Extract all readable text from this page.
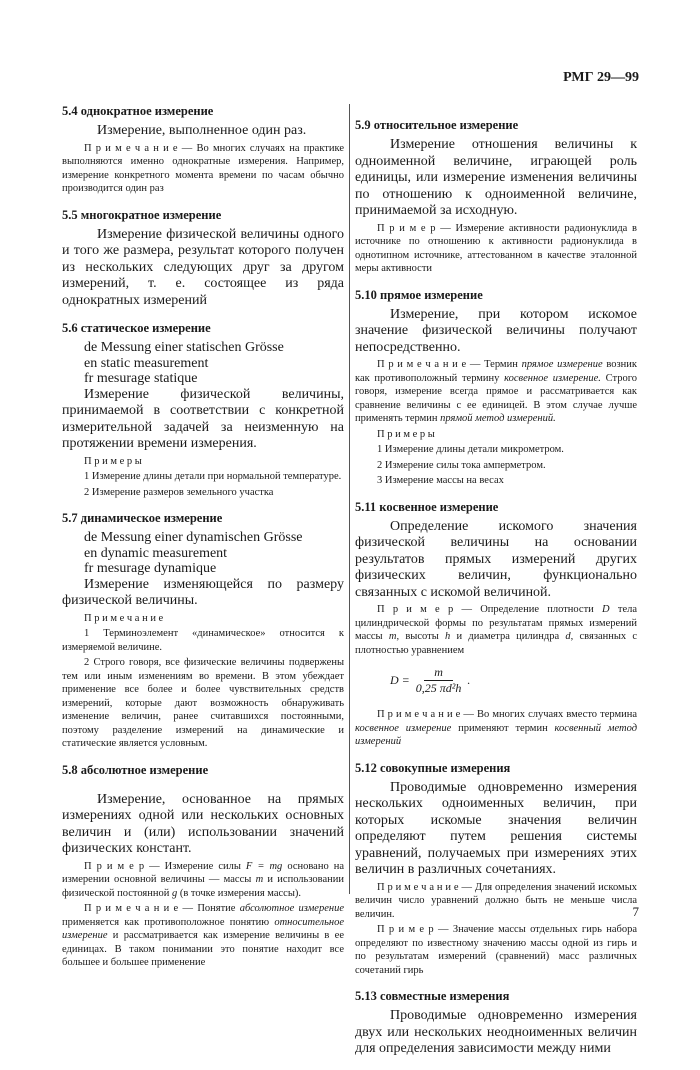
РМГ 29—99
5.4 однократное измерение

Измерение, выполненное один раз.

П р и м е ч а н и е — Во многих случаях на практике выполняются именно однократные измерения. Например, измерение конкретного момента времени по часам обычно производится один раз

5.5 многократное измерение

Измерение физической величины одного и того же размера, результат которого получен из нескольких следующих друг за другом измерений, т. е. состоящее из ряда однократных измерений

5.6 статическое измерение
de Messung einer statischen Grösse
en static measurement
fr mesurage statique

Измерение физической величины, принимаемой в соответствии с конкретной измерительной задачей за неизменную на протяжении времени измерения.

П р и м е р ы

1 Измерение длины детали при нормальной температуре.

2 Измерение размеров земельного участка

5.7 динамическое измерение
de Messung einer dynamischen Grösse
en dynamic measurement
fr mesurage dynamique

Измерение изменяющейся по размеру физической величины.

П р и м е ч а н и е

1 Терминоэлемент «динамическое» относится к измеряемой величине.

2 Строго говоря, все физические величины подвержены тем или иным изменениям во времени. В этом убеждает применение все более и более чувствительных средств измерений, которые дают возможность обнаруживать изменение величин, ранее считавшихся постоянными, поэтому разделение измерений на динамические и статические является условным.

5.8 абсолютное измерение

Измерение, основанное на прямых измерениях одной или нескольких основных величин и (или) использовании значений физических констант.

П р и м е р — Измерение силы F = mg основано на измерении основной величины — массы m и использовании физической постоянной g (в точке измерения массы).

П р и м е ч а н и е — Понятие абсолютное измерение применяется как противоположное понятию относительное измерение и рассматривается как измерение величины в ее единицах. В таком понимании это понятие находит все большее и большее применение

5.9 относительное измерение

Измерение отношения величины к одноименной величине, играющей роль единицы, или измерение изменения величины по отношению к одноименной величине, принимаемой за исходную.

П р и м е р — Измерение активности радионуклида в источнике по отношению к активности радионуклида в однотипном источнике, аттестованном в качестве эталонной меры активности

5.10 прямое измерение

Измерение, при котором искомое значение физической величины получают непосредственно.

П р и м е ч а н и е — Термин прямое измерение возник как противоположный термину косвенное измерение. Строго говоря, измерение всегда прямое и рассматривается как сравнение величины с ее единицей. В этом случае лучше применять термин прямой метод измерений.

П р и м е р ы

1 Измерение длины детали микрометром.

2 Измерение силы тока амперметром.

3 Измерение массы на весах

5.11 косвенное измерение

Определение искомого значения физической величины на основании результатов прямых измерений других физических величин, функционально связанных с искомой величиной.

П р и м е р — Определение плотности D тела цилиндрической формы по результатам прямых измерений массы m, высоты h и диаметра цилиндра d, связанных с плотностью уравнением

$D = \frac{m}{\text{0,25 πd²h}}$ .

П р и м е ч а н и е — Во многих случаях вместо термина косвенное измерение применяют термин косвенный метод измерений

5.12 совокупные измерения

Проводимые одновременно измерения нескольких одноименных величин, при которых искомые значения величин определяют путем решения системы уравнений, получаемых при измерениях этих величин в различных сочетаниях.

П р и м е ч а н и е — Для определения значений искомых величин число уравнений должно быть не меньше числа величин.

П р и м е р — Значение массы отдельных гирь набора определяют по известному значению массы одной из гирь и по результатам измерений (сравнений) масс различных сочетаний гирь

5.13 совместные измерения

Проводимые одновременно измерения двух или нескольких неодноименных величин для определения зависимости между ними

7
